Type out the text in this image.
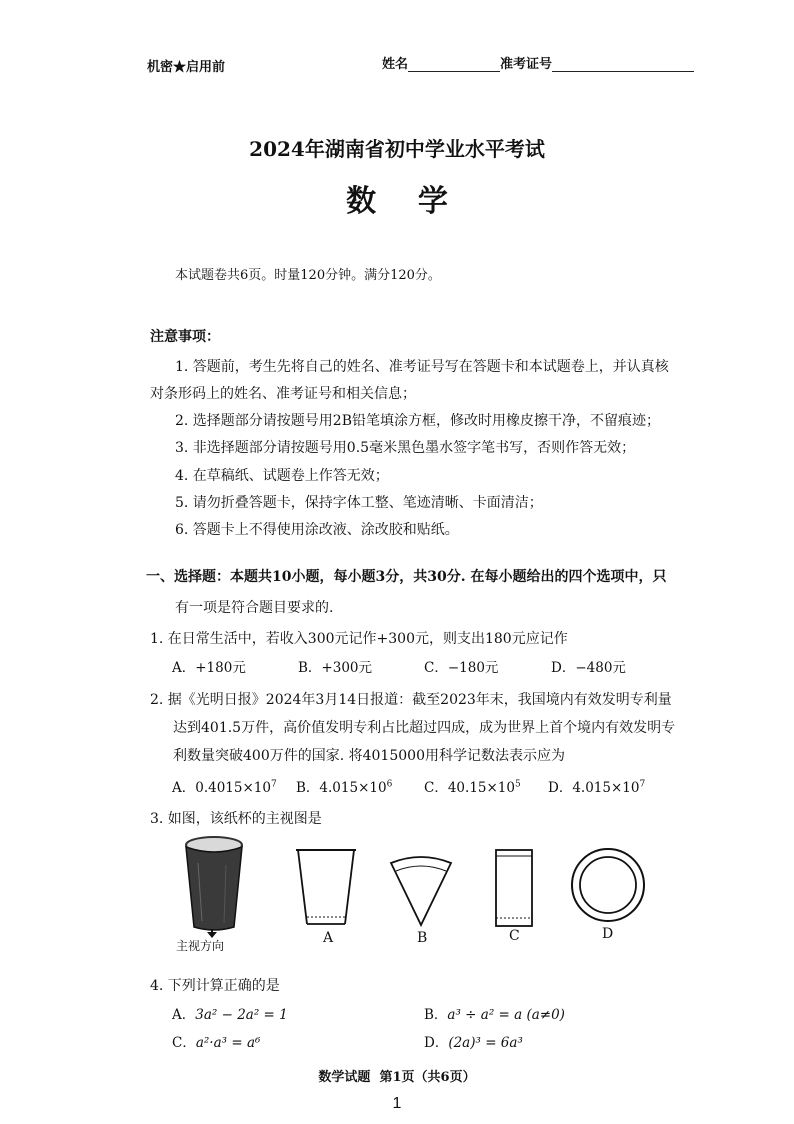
机密★启用前	姓名	准考证号
2024年湖南省初中学业水平考试
数    学
本试题卷共6页。时量120分钟。满分120分。
注意事项：
1. 答题前，考生先将自己的姓名、准考证号写在答题卡和本试题卷上，并认真核
对条形码上的姓名、准考证号和相关信息；
2. 选择题部分请按题号用2B铅笔填涂方框，修改时用橡皮擦干净，不留痕迹；
3. 非选择题部分请按题号用0.5毫米黑色墨水签字笔书写，否则作答无效；
4. 在草稿纸、试题卷上作答无效；
5. 请勿折叠答题卡，保持字体工整、笔迹清晰、卡面清洁；
6. 答题卡上不得使用涂改液、涂改胶和贴纸。
一、选择题：本题共10小题，每小题3分，共30分. 在每小题给出的四个选项中，只
有一项是符合题目要求的.
1. 在日常生活中，若收入300元记作+300元，则支出180元应记作
A．+180元	B．+300元	C．−180元	D．−480元
2. 据《光明日报》2024年3月14日报道：截至2023年末，我国境内有效发明专利量
达到401.5万件，高价值发明专利占比超过四成，成为世界上首个境内有效发明专
利数量突破400万件的国家. 将4015000用科学记数法表示应为
A．$0.4015\times 10^7$ B．$4.015\times 10^6$ C．$40.15\times 10^5$ D．$4.015\times 10^7$
3. 如图，该纸杯的主视图是
主视方向	A	B	C	D
4. 下列计算正确的是
A．3a² − 2a² = 1	B．a³ ÷ a² = a (a≠0)
C．a²·a³ = a⁶	D．(2a)³ = 6a³
数学试题  第1页（共6页）
1
